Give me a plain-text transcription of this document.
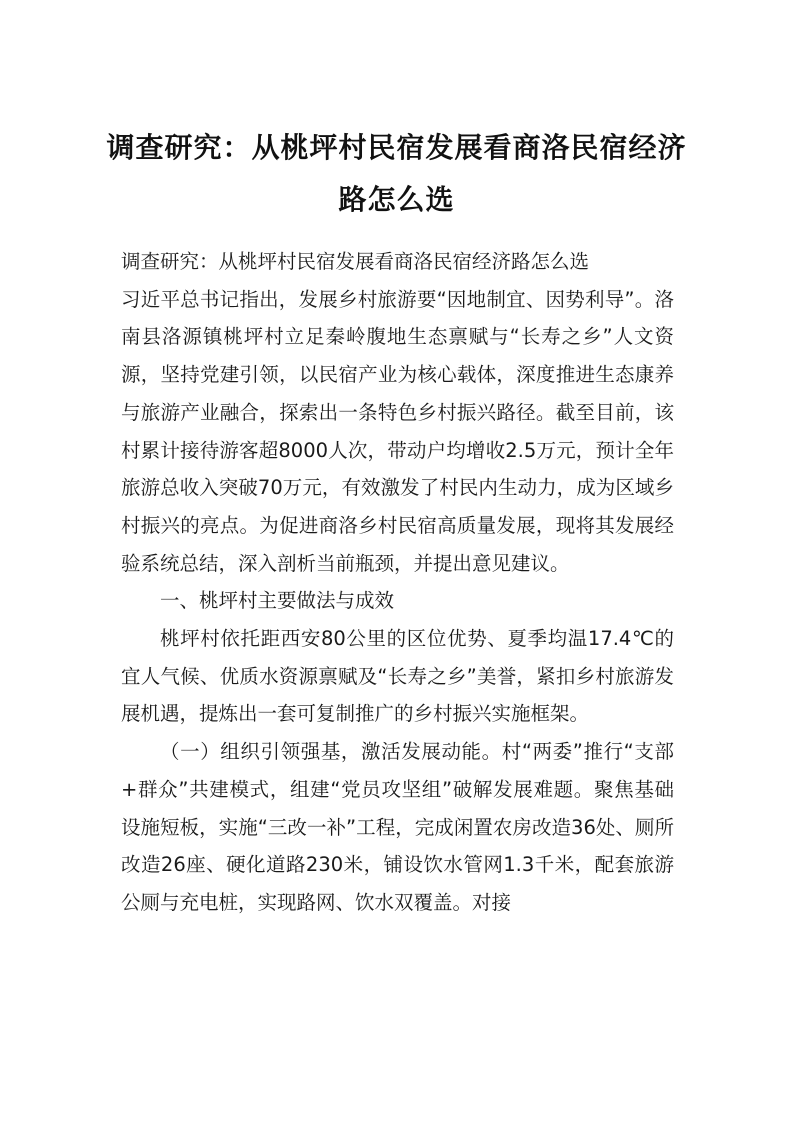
调查研究：从桃坪村民宿发展看商洛民宿经济路怎么选

调查研究：从桃坪村民宿发展看商洛民宿经济路怎么选

习近平总书记指出，发展乡村旅游要“因地制宜、因势利导”。洛南县洛源镇桃坪村立足秦岭腹地生态禀赋与“长寿之乡”人文资源，坚持党建引领，以民宿产业为核心载体，深度推进生态康养与旅游产业融合，探索出一条特色乡村振兴路径。截至目前，该村累计接待游客超8000人次，带动户均增收2.5万元，预计全年旅游总收入突破70万元，有效激发了村民内生动力，成为区域乡村振兴的亮点。为促进商洛乡村民宿高质量发展，现将其发展经验系统总结，深入剖析当前瓶颈，并提出意见建议。

一、桃坪村主要做法与成效

桃坪村依托距西安80公里的区位优势、夏季均温17.4℃的宜人气候、优质水资源禀赋及“长寿之乡”美誉，紧扣乡村旅游发展机遇，提炼出一套可复制推广的乡村振兴实施框架。

（一）组织引领强基，激活发展动能。村“两委”推行“支部+群众”共建模式，组建“党员攻坚组”破解发展难题。聚焦基础设施短板，实施“三改一补”工程，完成闲置农房改造36处、厕所改造26座、硬化道路230米，铺设饮水管网1.3千米，配套旅游公厕与充电桩，实现路网、饮水双覆盖。对接
